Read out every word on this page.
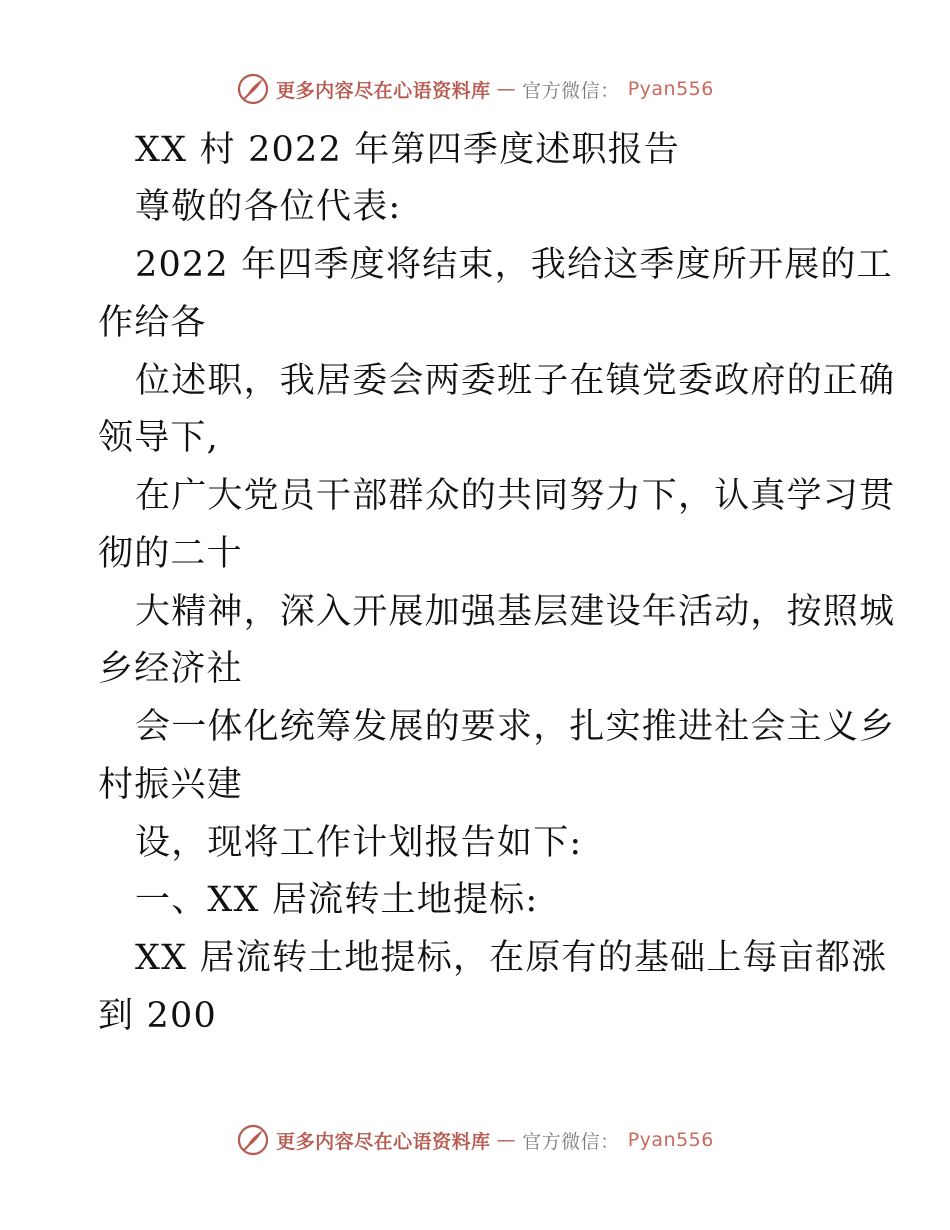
更多内容尽在心语资料库 — 官方微信： Pyan556
XX 村 2022 年第四季度述职报告
尊敬的各位代表:
2022 年四季度将结束，我给这季度所开展的工
作给各
位述职，我居委会两委班子在镇党委政府的正确
领导下,
在广大党员干部群众的共同努力下，认真学习贯
彻的二十
大精神，深入开展加强基层建设年活动，按照城
乡经济社
会一体化统筹发展的要求，扎实推进社会主义乡
村振兴建
设，现将工作计划报告如下:
一、XX 居流转土地提标:
XX 居流转土地提标，在原有的基础上每亩都涨
到 200
更多内容尽在心语资料库 — 官方微信： Pyan556
